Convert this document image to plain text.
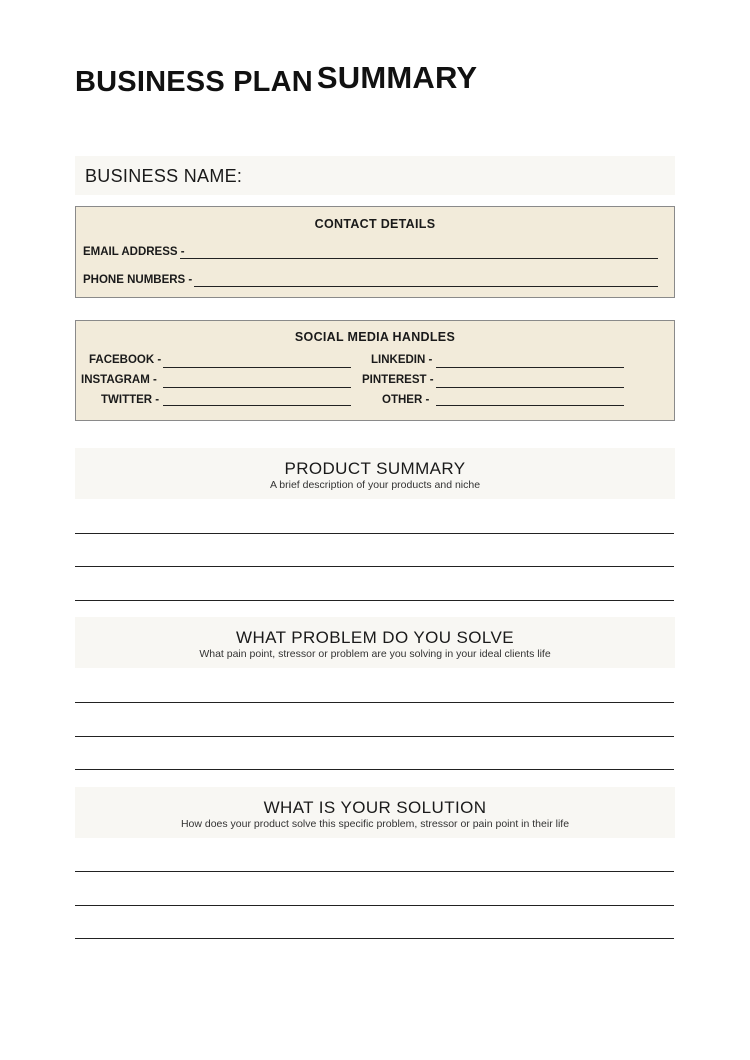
BUSINESS PLAN SUMMARY
BUSINESS NAME:
CONTACT DETAILS
EMAIL ADDRESS -
PHONE NUMBERS -
SOCIAL MEDIA HANDLES
FACEBOOK -
INSTAGRAM -
TWITTER -
LINKEDIN -
PINTEREST -
OTHER -
PRODUCT SUMMARY
A brief description of your products and niche
WHAT PROBLEM DO YOU SOLVE
What pain point, stressor or problem are you solving in your ideal clients life
WHAT IS YOUR SOLUTION
How does your product solve this specific problem, stressor or pain point in their life
